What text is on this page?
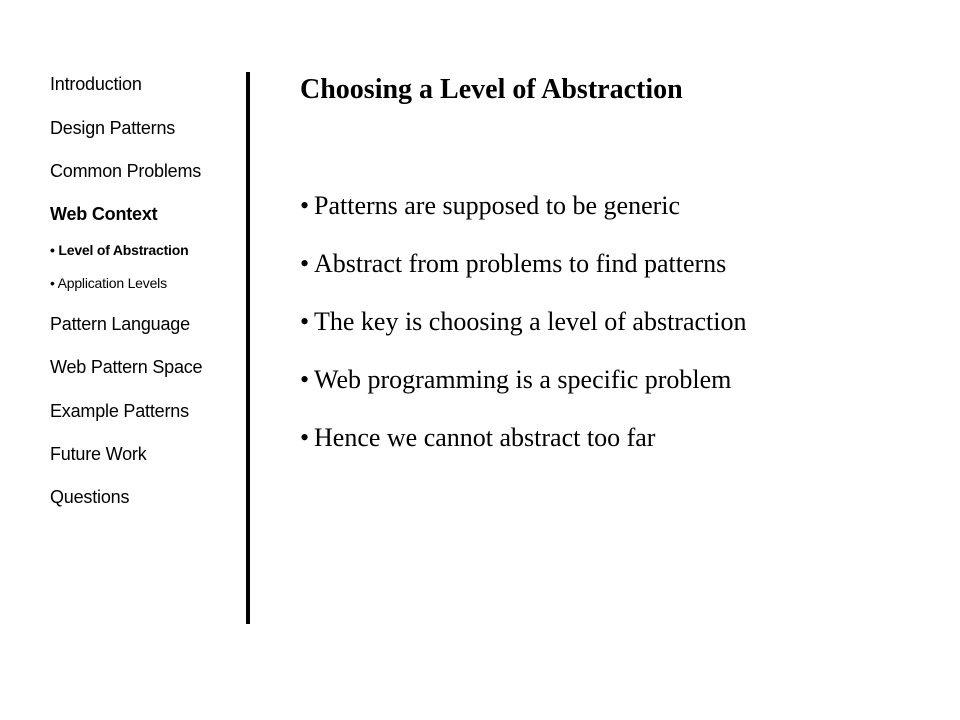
Introduction
Design Patterns
Common Problems
Web Context
• Level of Abstraction
• Application Levels
Pattern Language
Web Pattern Space
Example Patterns
Future Work
Questions
Choosing a Level of Abstraction
• Patterns are supposed to be generic
• Abstract from problems to find patterns
• The key is choosing a level of abstraction
• Web programming is a specific problem
• Hence we cannot abstract too far
